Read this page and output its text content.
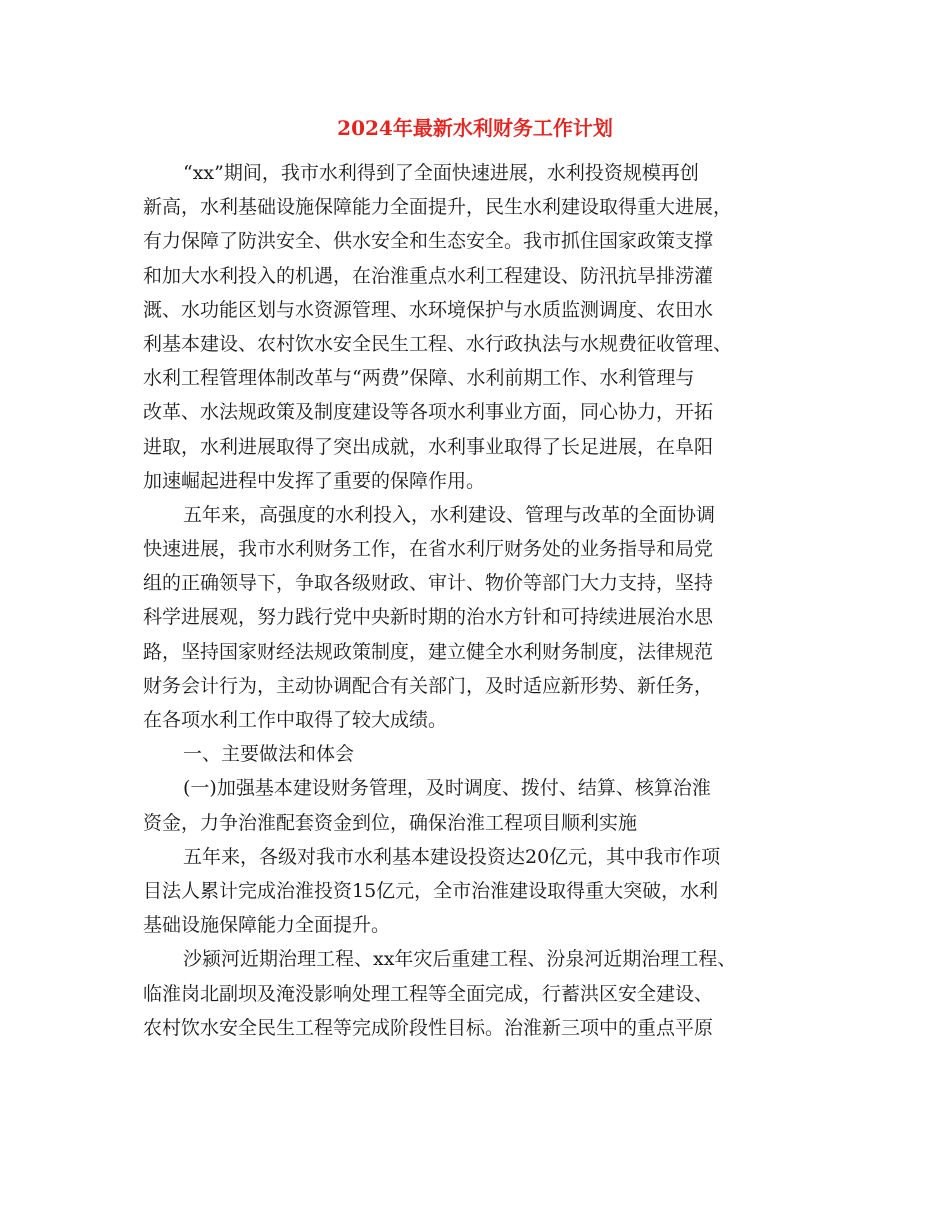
2024年最新水利财务工作计划
“xx”期间，我市水利得到了全面快速进展，水利投资规模再创
新高，水利基础设施保障能力全面提升，民生水利建设取得重大进展，
有力保障了防洪安全、供水安全和生态安全。我市抓住国家政策支撑
和加大水利投入的机遇，在治淮重点水利工程建设、防汛抗旱排涝灌
溉、水功能区划与水资源管理、水环境保护与水质监测调度、农田水
利基本建设、农村饮水安全民生工程、水行政执法与水规费征收管理、
水利工程管理体制改革与“两费”保障、水利前期工作、水利管理与
改革、水法规政策及制度建设等各项水利事业方面，同心协力，开拓
进取，水利进展取得了突出成就，水利事业取得了长足进展，在阜阳
加速崛起进程中发挥了重要的保障作用。
五年来，高强度的水利投入，水利建设、管理与改革的全面协调
快速进展，我市水利财务工作，在省水利厅财务处的业务指导和局党
组的正确领导下，争取各级财政、审计、物价等部门大力支持，坚持
科学进展观，努力践行党中央新时期的治水方针和可持续进展治水思
路，坚持国家财经法规政策制度，建立健全水利财务制度，法律规范
财务会计行为，主动协调配合有关部门，及时适应新形势、新任务，
在各项水利工作中取得了较大成绩。
一、主要做法和体会
(一)加强基本建设财务管理，及时调度、拨付、结算、核算治淮
资金，力争治淮配套资金到位，确保治淮工程项目顺利实施
五年来，各级对我市水利基本建设投资达20亿元，其中我市作项
目法人累计完成治淮投资15亿元，全市治淮建设取得重大突破，水利
基础设施保障能力全面提升。
沙颍河近期治理工程、xx年灾后重建工程、汾泉河近期治理工程、
临淮岗北副坝及淹没影响处理工程等全面完成，行蓄洪区安全建设、
农村饮水安全民生工程等完成阶段性目标。治淮新三项中的重点平原
